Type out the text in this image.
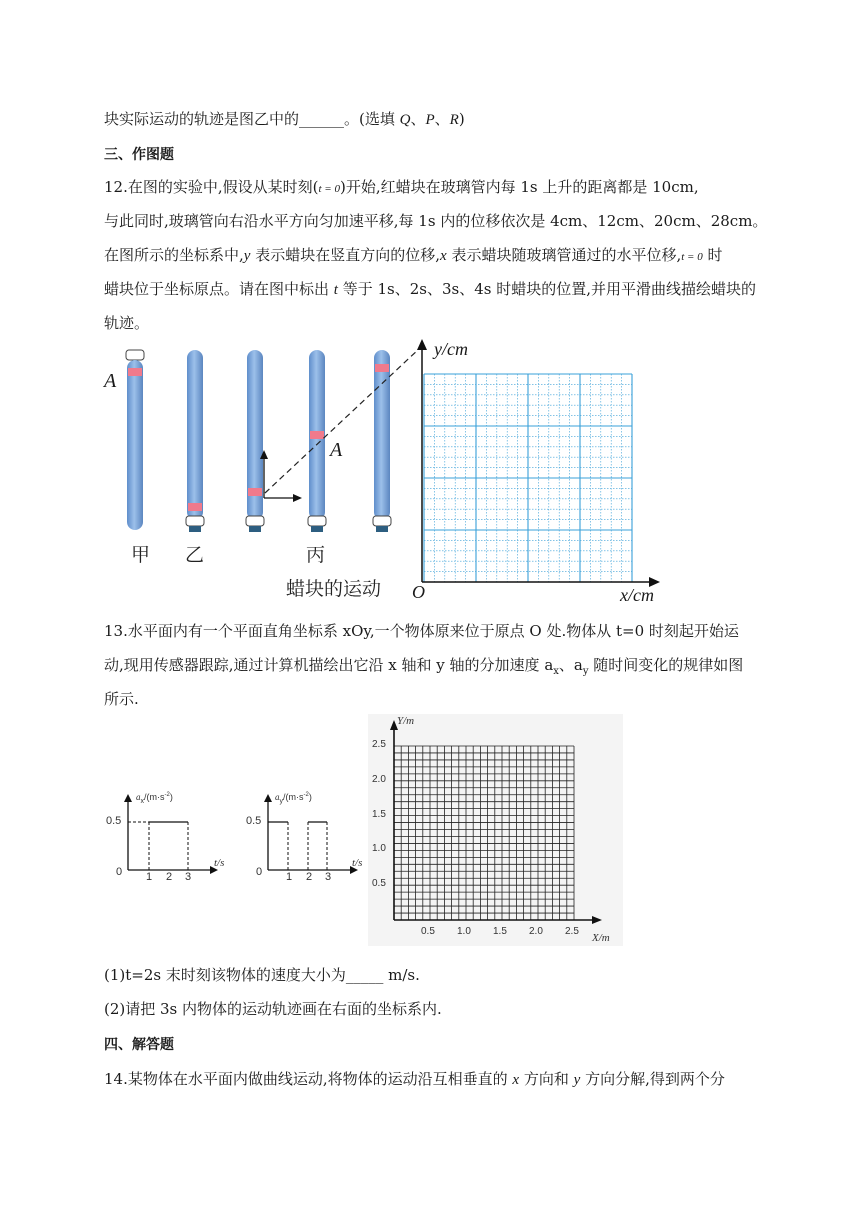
块实际运动的轨迹是图乙中的______。(选填 Q、P、R)
三、作图题
12.在图的实验中,假设从某时刻(t = 0)开始,红蜡块在玻璃管内每 1s 上升的距离都是 10cm,
与此同时,玻璃管向右沿水平方向匀加速平移,每 1s 内的位移依次是 4cm、12cm、20cm、28cm。
在图所示的坐标系中,y 表示蜡块在竖直方向的位移,x 表示蜡块随玻璃管通过的水平位移,t = 0 时
蜡块位于坐标原点。请在图中标出 t 等于 1s、2s、3s、4s 时蜡块的位置,并用平滑曲线描绘蜡块的
轨迹。
A
A
甲 乙	丙
蜡块的运动
y/cm
x/cm
O
13.水平面内有一个平面直角坐标系 xOy,一个物体原来位于原点 O 处.物体从 t=0 时刻起开始运
动,现用传感器跟踪,通过计算机描绘出它沿 x 轴和 y 轴的分加速度 $a_x$、$a_y$ 随时间变化的规律如图
所示.
$a_x/(m\cdot s^{-2})$
0.5
0 1 2 3
t/s
$a_y/(m\cdot s^{-2})$
0.5
0 1 2 3
t/s
Y/m
X/m
0.5
1.0
1.5
2.0
2.5
0.5 1.0 1.5 2.0 2.5
(1)t=2s 末时刻该物体的速度大小为_____ m/s.
(2)请把 3s 内物体的运动轨迹画在右面的坐标系内.
四、解答题
14.某物体在水平面内做曲线运动,将物体的运动沿互相垂直的 x 方向和 y 方向分解,得到两个分
